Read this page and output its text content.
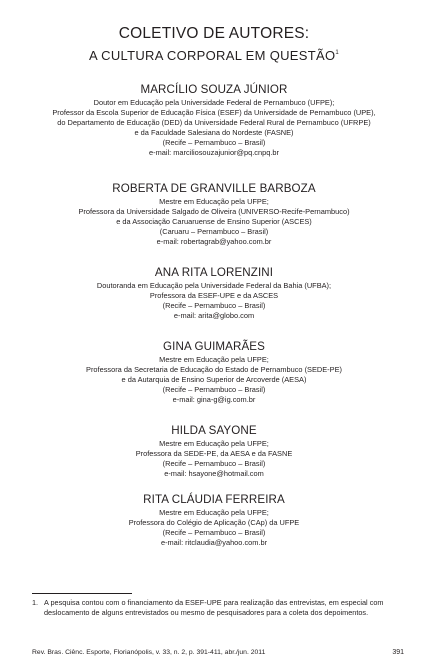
COLETIVO DE AUTORES:
A CULTURA CORPORAL EM QUESTÃO$^1$
MARCÍLIO SOUZA JÚNIOR
Doutor em Educação pela Universidade Federal de Pernambuco (UFPE);
Professor da Escola Superior de Educação Física (ESEF) da Universidade de Pernambuco (UPE),
do Departamento de Educação (DED) da Universidade Federal Rural de Pernambuco (UFRPE)
e da Faculdade Salesiana do Nordeste (FASNE)
(Recife – Pernambuco – Brasil)
e-mail: marciliosouzajunior@pq.cnpq.br
ROBERTA DE GRANVILLE BARBOZA
Mestre em Educação pela UFPE;
Professora da Universidade Salgado de Oliveira (UNIVERSO-Recife-Pernambuco)
e da Associação Caruaruense de Ensino Superior (ASCES)
(Caruaru – Pernambuco – Brasil)
e-mail: robertagrab@yahoo.com.br
ANA RITA LORENZINI
Doutoranda em Educação pela Universidade Federal da Bahia (UFBA);
Professora da ESEF-UPE e da ASCES
(Recife – Pernambuco – Brasil)
e-mail: arita@globo.com
GINA GUIMARÃES
Mestre em Educação pela UFPE;
Professora da Secretaria de Educação do Estado de Pernambuco (SEDE-PE)
e da Autarquia de Ensino Superior de Arcoverde (AESA)
(Recife – Pernambuco – Brasil)
e-mail: gina-g@ig.com.br
HILDA SAYONE
Mestre em Educação pela UFPE;
Professora da SEDE-PE, da AESA e da FASNE
(Recife – Pernambuco – Brasil)
e-mail: hsayone@hotmail.com
RITA CLÁUDIA FERREIRA
Mestre em Educação pela UFPE;
Professora do Colégio de Aplicação (CAp) da UFPE
(Recife – Pernambuco – Brasil)
e-mail: ritclaudia@yahoo.com.br
1. A pesquisa contou com o financiamento da ESEF-UPE para realização das entrevistas, em especial com deslocamento de alguns entrevistados ou mesmo de pesquisadores para a coleta dos depoimentos.
Rev. Bras. Ciênc. Esporte, Florianópolis, v. 33, n. 2, p. 391-411, abr./jun. 2011	391
